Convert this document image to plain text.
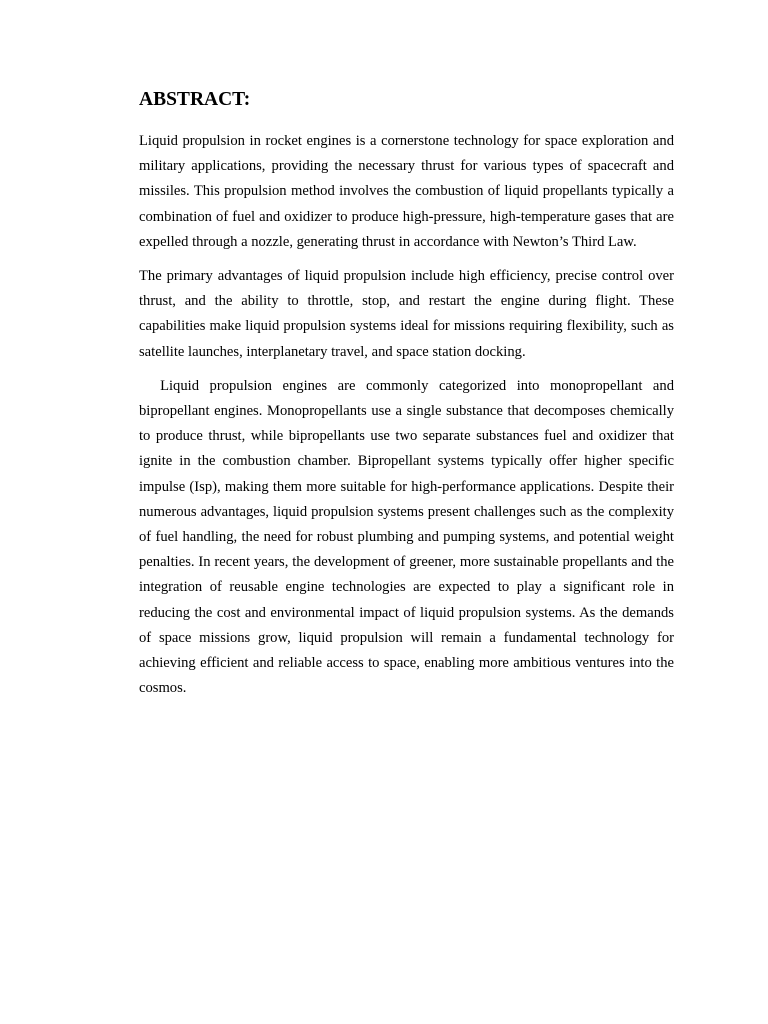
ABSTRACT:

Liquid propulsion in rocket engines is a cornerstone technology for space exploration and military applications, providing the necessary thrust for various types of spacecraft and missiles. This propulsion method involves the combustion of liquid propellants typically a combination of fuel and oxidizer to produce high-pressure, high-temperature gases that are expelled through a nozzle, generating thrust in accordance with Newton’s Third Law.

The primary advantages of liquid propulsion include high efficiency, precise control over thrust, and the ability to throttle, stop, and restart the engine during flight. These capabilities make liquid propulsion systems ideal for missions requiring flexibility, such as satellite launches, interplanetary travel, and space station docking.

Liquid propulsion engines are commonly categorized into monopropellant and bipropellant engines. Monopropellants use a single substance that decomposes chemically to produce thrust, while bipropellants use two separate substances fuel and oxidizer that ignite in the combustion chamber. Bipropellant systems typically offer higher specific impulse (Isp), making them more suitable for high-performance applications. Despite their numerous advantages, liquid propulsion systems present challenges such as the complexity of fuel handling, the need for robust plumbing and pumping systems, and potential weight penalties. In recent years, the development of greener, more sustainable propellants and the integration of reusable engine technologies are expected to play a significant role in reducing the cost and environmental impact of liquid propulsion systems. As the demands of space missions grow, liquid propulsion will remain a fundamental technology for achieving efficient and reliable access to space, enabling more ambitious ventures into the cosmos.
